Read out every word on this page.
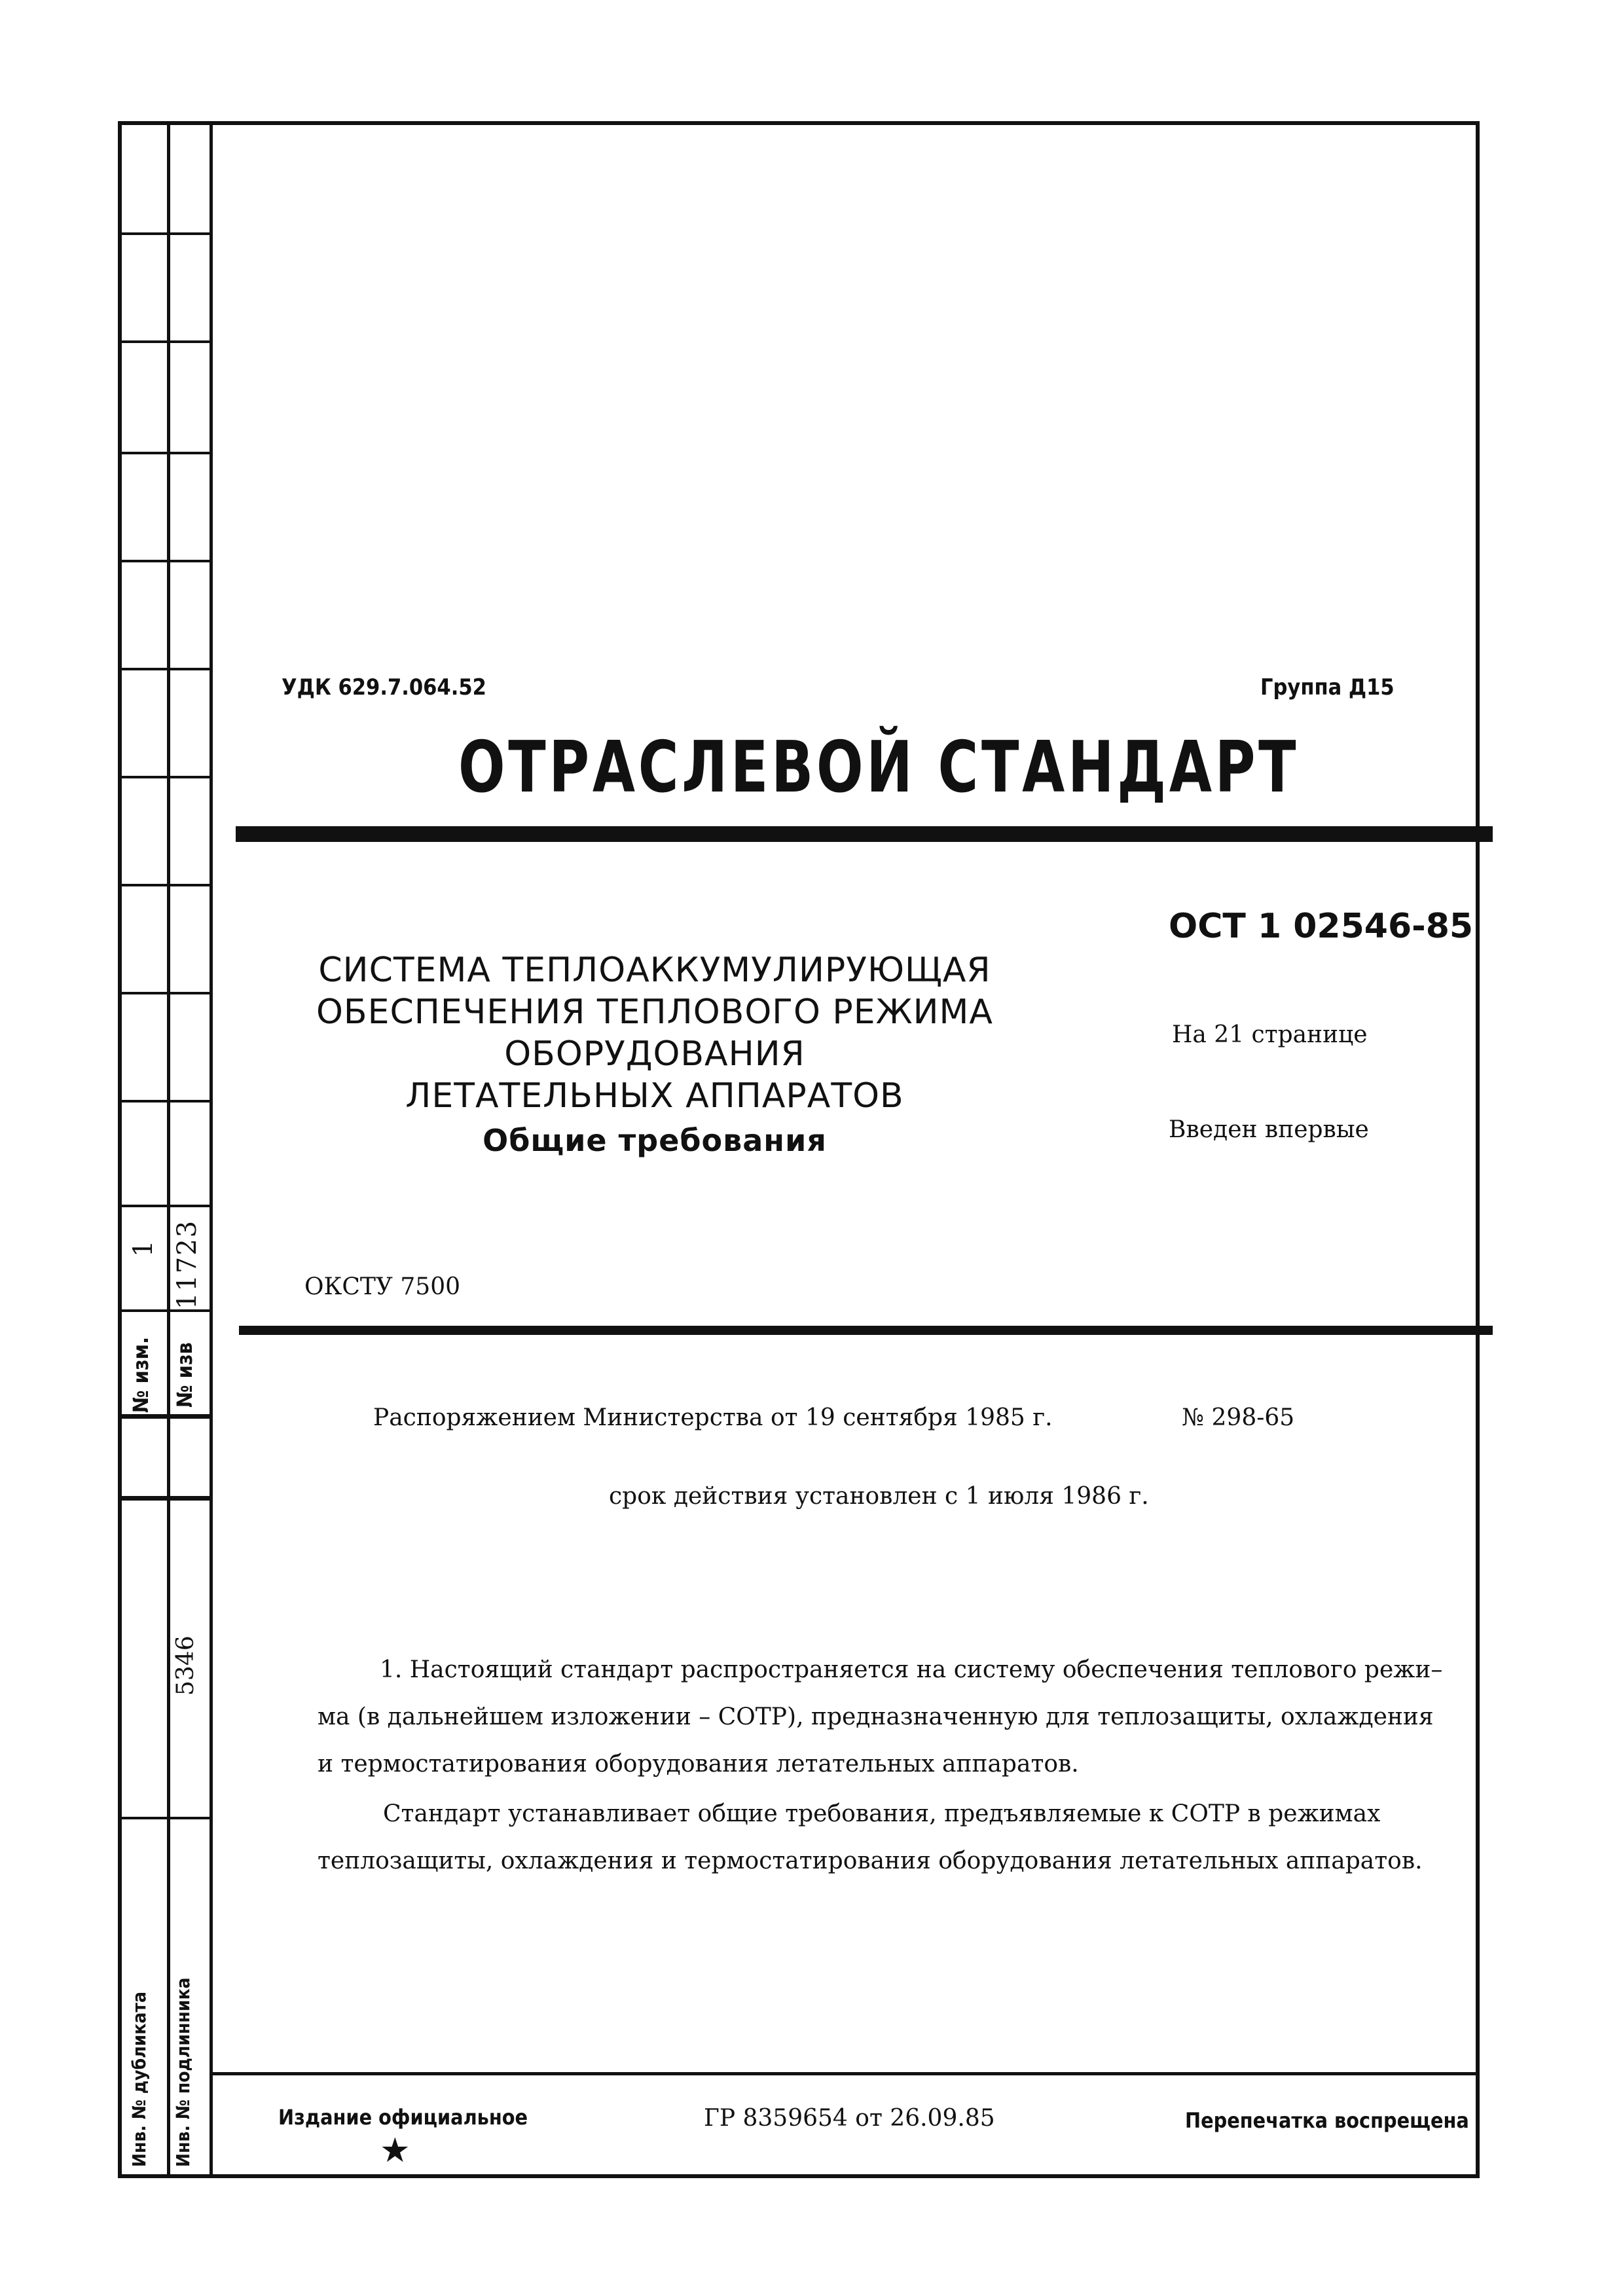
№ изм.
1
№ изв
11723
5346
Инв. № дубликата Инв. № подлинника
УДК 629.7.064.52	Группа Д15
ОТРАСЛЕВОЙ СТАНДАРТ
ОСТ 1 02546-85
На 21 странице
Введен впервые
СИСТЕМА ТЕПЛОАККУМУЛИРУЮЩАЯ
ОБЕСПЕЧЕНИЯ ТЕПЛОВОГО РЕЖИМА
ОБОРУДОВАНИЯ
ЛЕТАТЕЛЬНЫХ АППАРАТОВ
Общие требования
ОКСТУ 7500
Распоряжением Министерства от 19 сентября 1985 г.	№ 298-65
срок действия установлен с 1 июля 1986 г.
1. Настоящий стандарт распространяется на систему обеспечения теплового режи–
ма (в дальнейшем изложении – СОТР), предназначенную для теплозащиты, охлаждения
и термостатирования оборудования летательных аппаратов.
Стандарт устанавливает общие требования, предъявляемые к СОТР в режимах
теплозащиты, охлаждения и термостатирования оборудования летательных аппаратов.
Издание официальное
★
ГР 8359654 от 26.09.85	Перепечатка воспрещена
